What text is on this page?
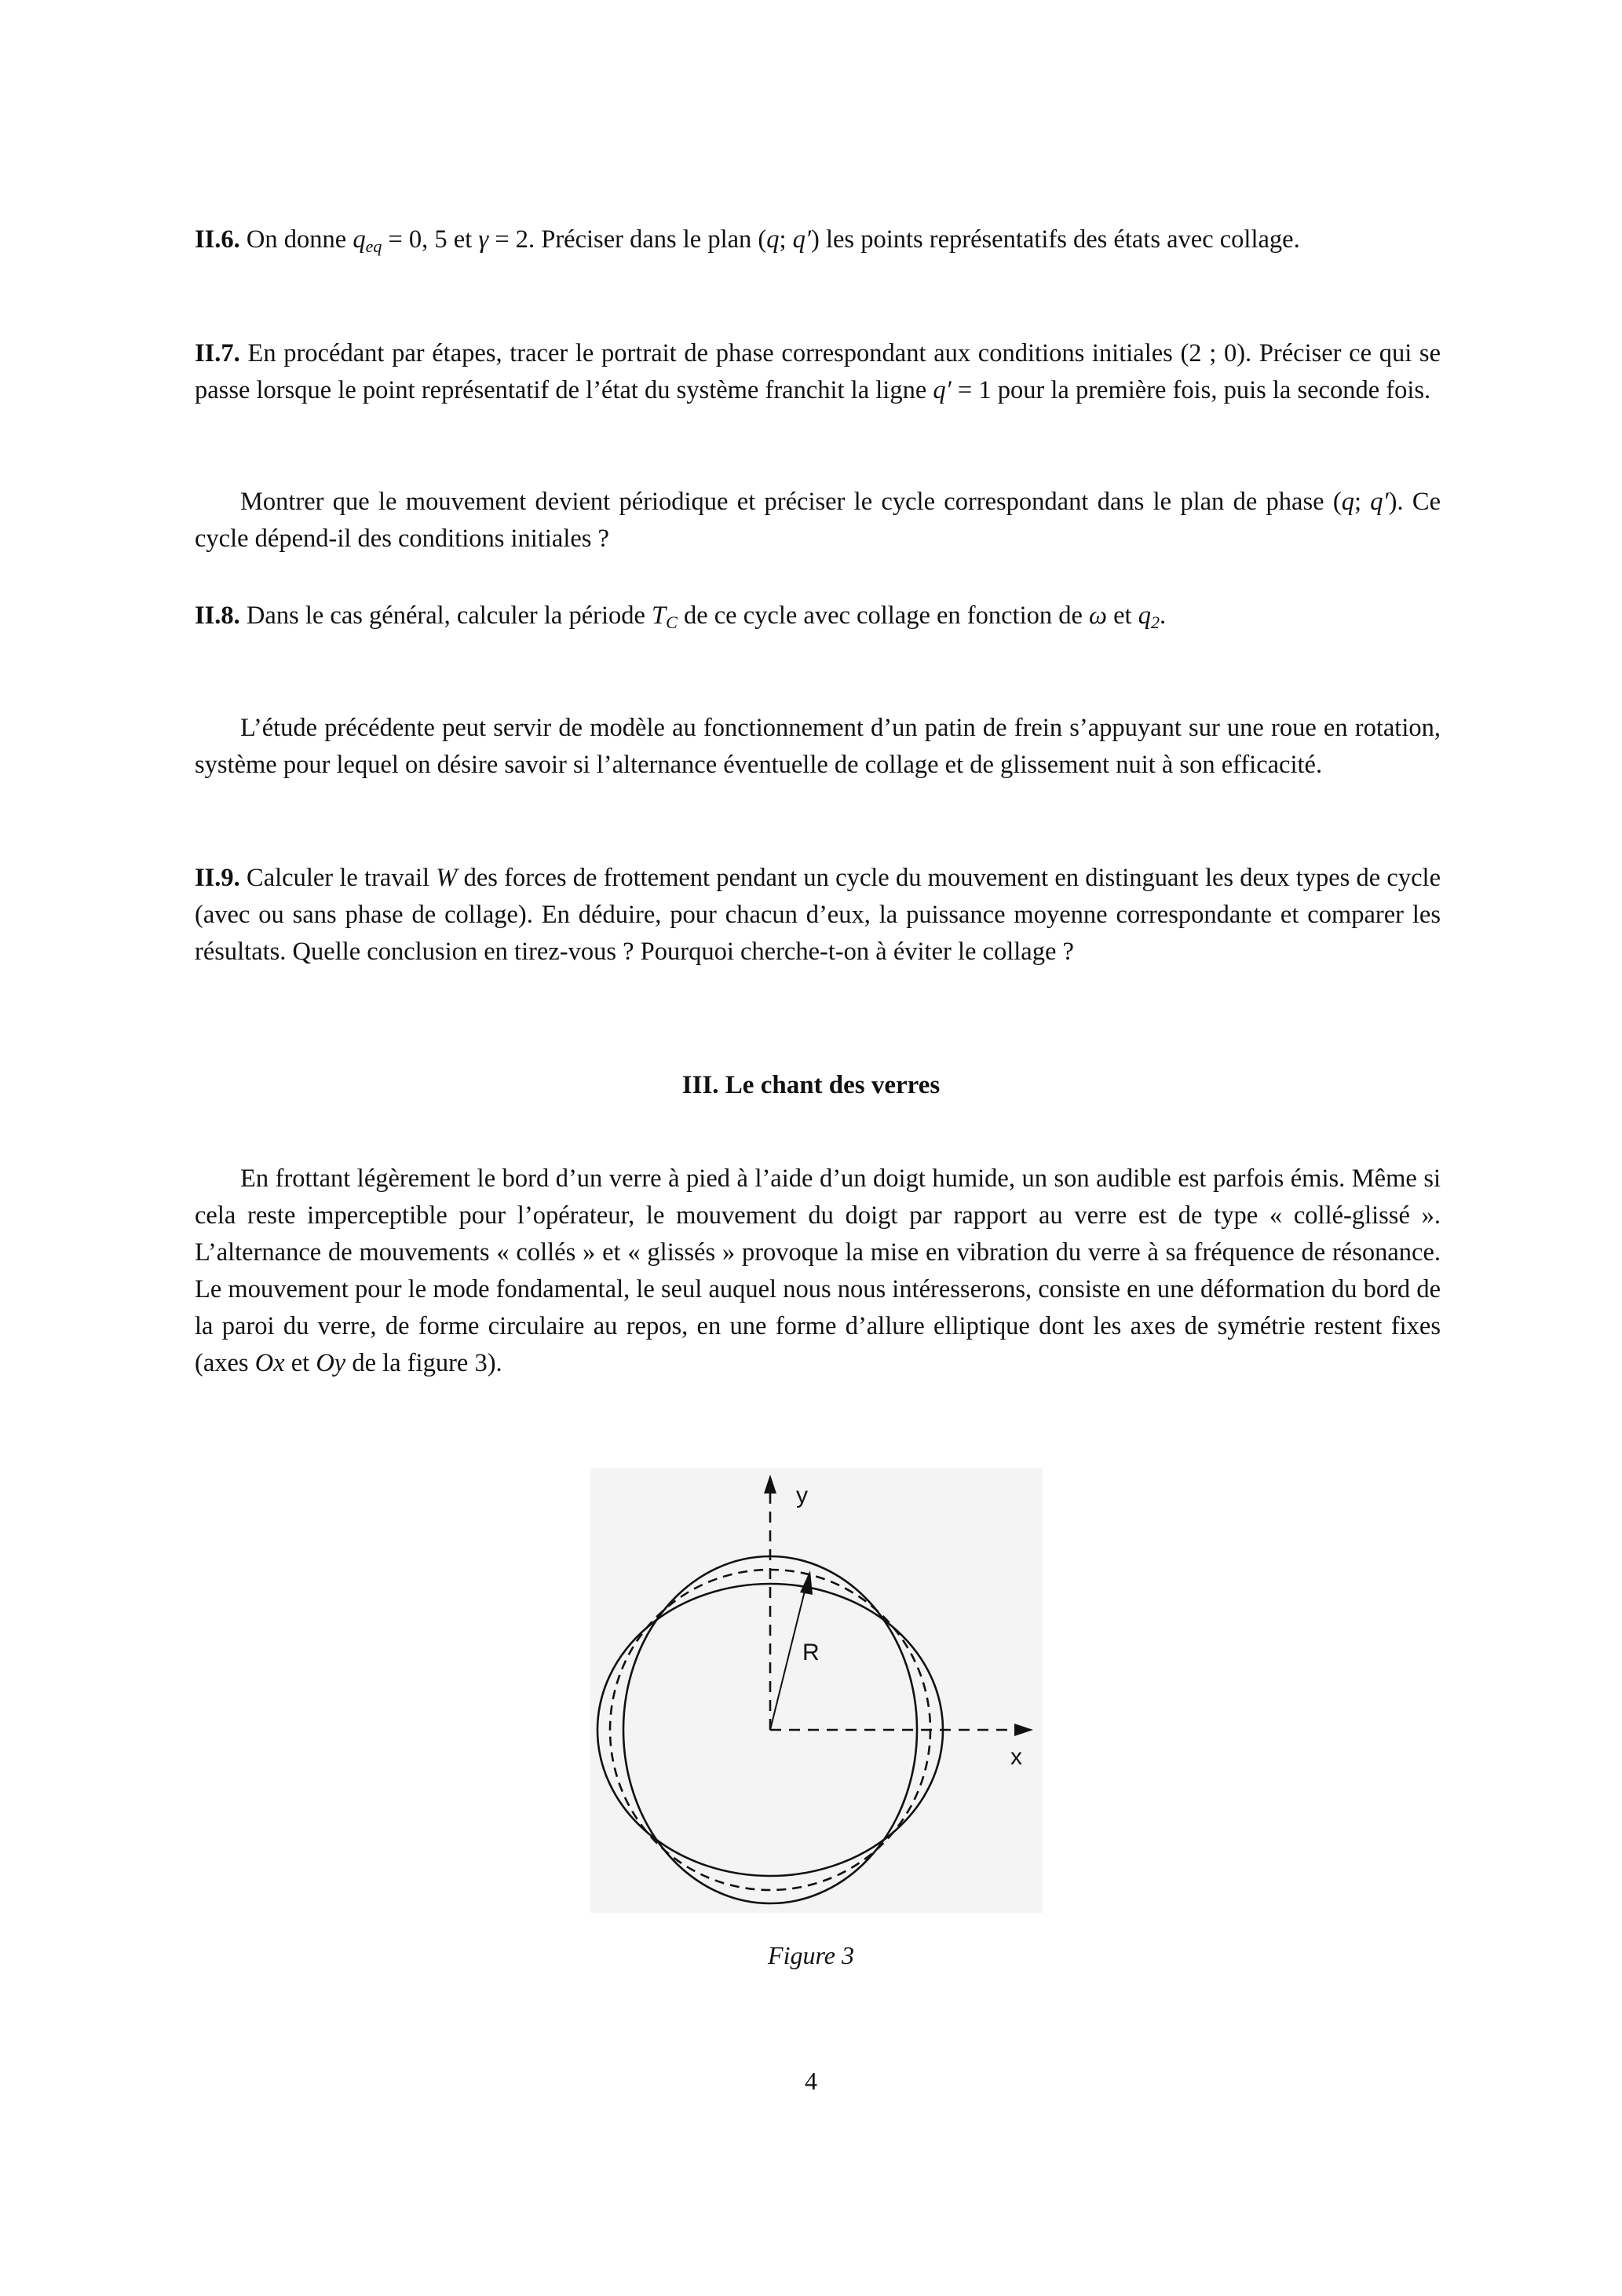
II.6. On donne $q_{eq} = 0$, 5 et γ = 2. Préciser dans le plan (q; q′) les points représentatifs des états avec collage.
II.7. En procédant par étapes, tracer le portrait de phase correspondant aux conditions initiales (2 ; 0). Préciser ce qui se passe lorsque le point représentatif de l’état du système franchit la ligne q′ = 1 pour la première fois, puis la seconde fois.
Montrer que le mouvement devient périodique et préciser le cycle correspondant dans le plan de phase (q; q′). Ce cycle dépend-il des conditions initiales ?
II.8. Dans le cas général, calculer la période $T_C$ de ce cycle avec collage en fonction de ω et $q_2$.
L’étude précédente peut servir de modèle au fonctionnement d’un patin de frein s’appuyant sur une roue en rotation, système pour lequel on désire savoir si l’alternance éventuelle de collage et de glissement nuit à son efficacité.
II.9. Calculer le travail W des forces de frottement pendant un cycle du mouvement en distinguant les deux types de cycle (avec ou sans phase de collage). En déduire, pour chacun d’eux, la puissance moyenne correspondante et comparer les résultats. Quelle conclusion en tirez-vous ? Pourquoi cherche-t-on à éviter le collage ?
III. Le chant des verres
En frottant légèrement le bord d’un verre à pied à l’aide d’un doigt humide, un son audible est parfois émis. Même si cela reste imperceptible pour l’opérateur, le mouvement du doigt par rapport au verre est de type « collé-glissé ». L’alternance de mouvements « collés » et « glissés » provoque la mise en vibration du verre à sa fréquence de résonance. Le mouvement pour le mode fondamental, le seul auquel nous nous intéresserons, consiste en une déformation du bord de la paroi du verre, de forme circulaire au repos, en une forme d’allure elliptique dont les axes de symétrie restent fixes (axes Ox et Oy de la figure 3).
y
x
R
Figure 3
4
